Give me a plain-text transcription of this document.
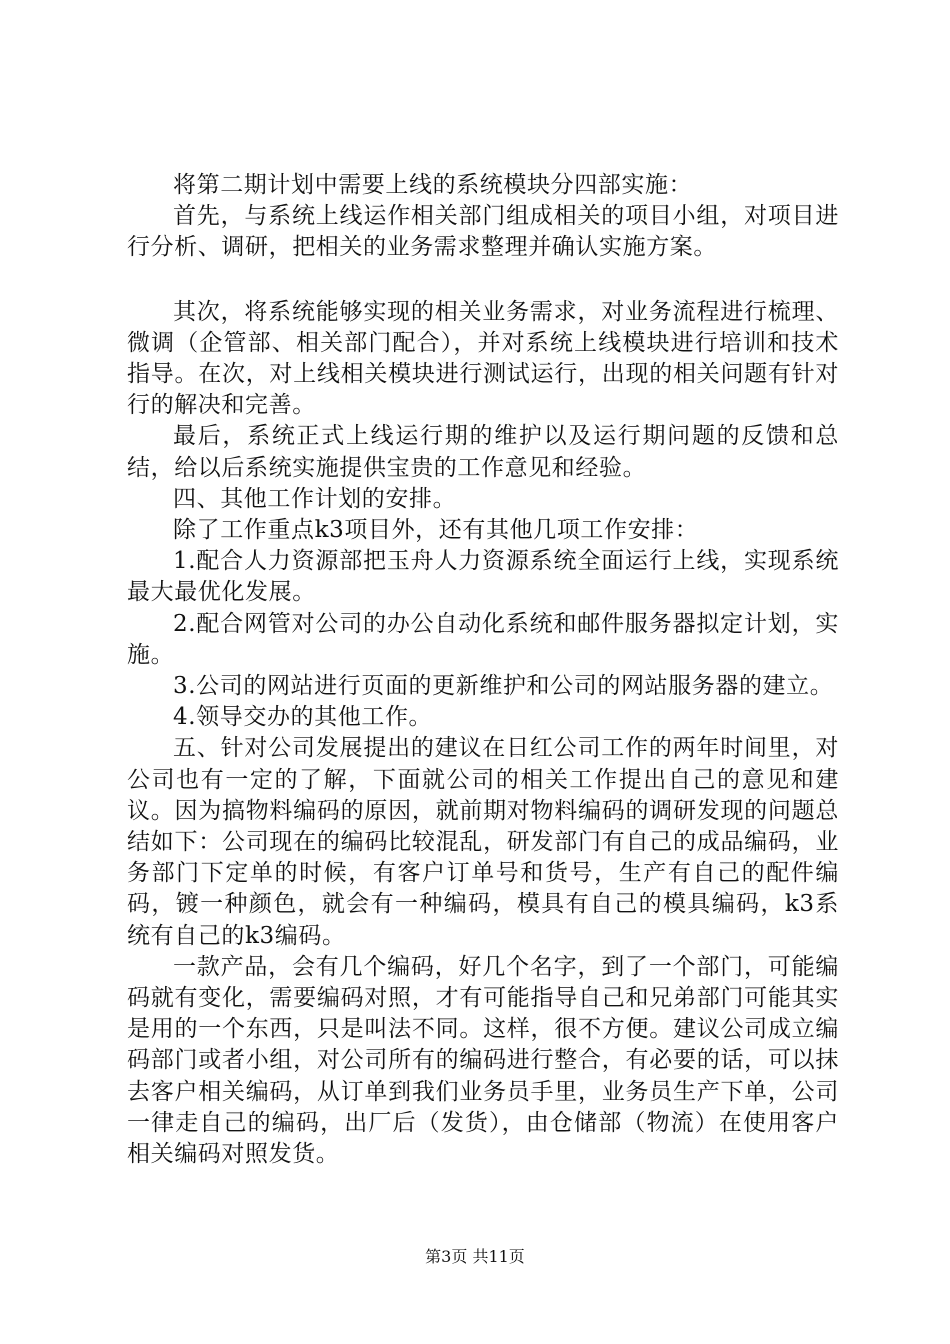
将第二期计划中需要上线的系统模块分四部实施：

首先，与系统上线运作相关部门组成相关的项目小组，对项目进行分析、调研，把相关的业务需求整理并确认实施方案。

其次，将系统能够实现的相关业务需求，对业务流程进行梳理、微调（企管部、相关部门配合），并对系统上线模块进行培训和技术指导。在次，对上线相关模块进行测试运行，出现的相关问题有针对行的解决和完善。

最后，系统正式上线运行期的维护以及运行期问题的反馈和总结，给以后系统实施提供宝贵的工作意见和经验。

四、其他工作计划的安排。

除了工作重点k3项目外，还有其他几项工作安排：

1.配合人力资源部把玉舟人力资源系统全面运行上线，实现系统最大最优化发展。

2.配合网管对公司的办公自动化系统和邮件服务器拟定计划，实施。

3.公司的网站进行页面的更新维护和公司的网站服务器的建立。

4.领导交办的其他工作。

五、针对公司发展提出的建议在日红公司工作的两年时间里，对公司也有一定的了解，下面就公司的相关工作提出自己的意见和建议。因为搞物料编码的原因，就前期对物料编码的调研发现的问题总结如下：公司现在的编码比较混乱，研发部门有自己的成品编码，业务部门下定单的时候，有客户订单号和货号，生产有自己的配件编码，镀一种颜色，就会有一种编码，模具有自己的模具编码，k3系统有自己的k3编码。

一款产品，会有几个编码，好几个名字，到了一个部门，可能编码就有变化，需要编码对照，才有可能指导自己和兄弟部门可能其实是用的一个东西，只是叫法不同。这样，很不方便。建议公司成立编码部门或者小组，对公司所有的编码进行整合，有必要的话，可以抹去客户相关编码，从订单到我们业务员手里，业务员生产下单，公司一律走自己的编码，出厂后（发货），由仓储部（物流）在使用客户相关编码对照发货。

第3页 共11页
